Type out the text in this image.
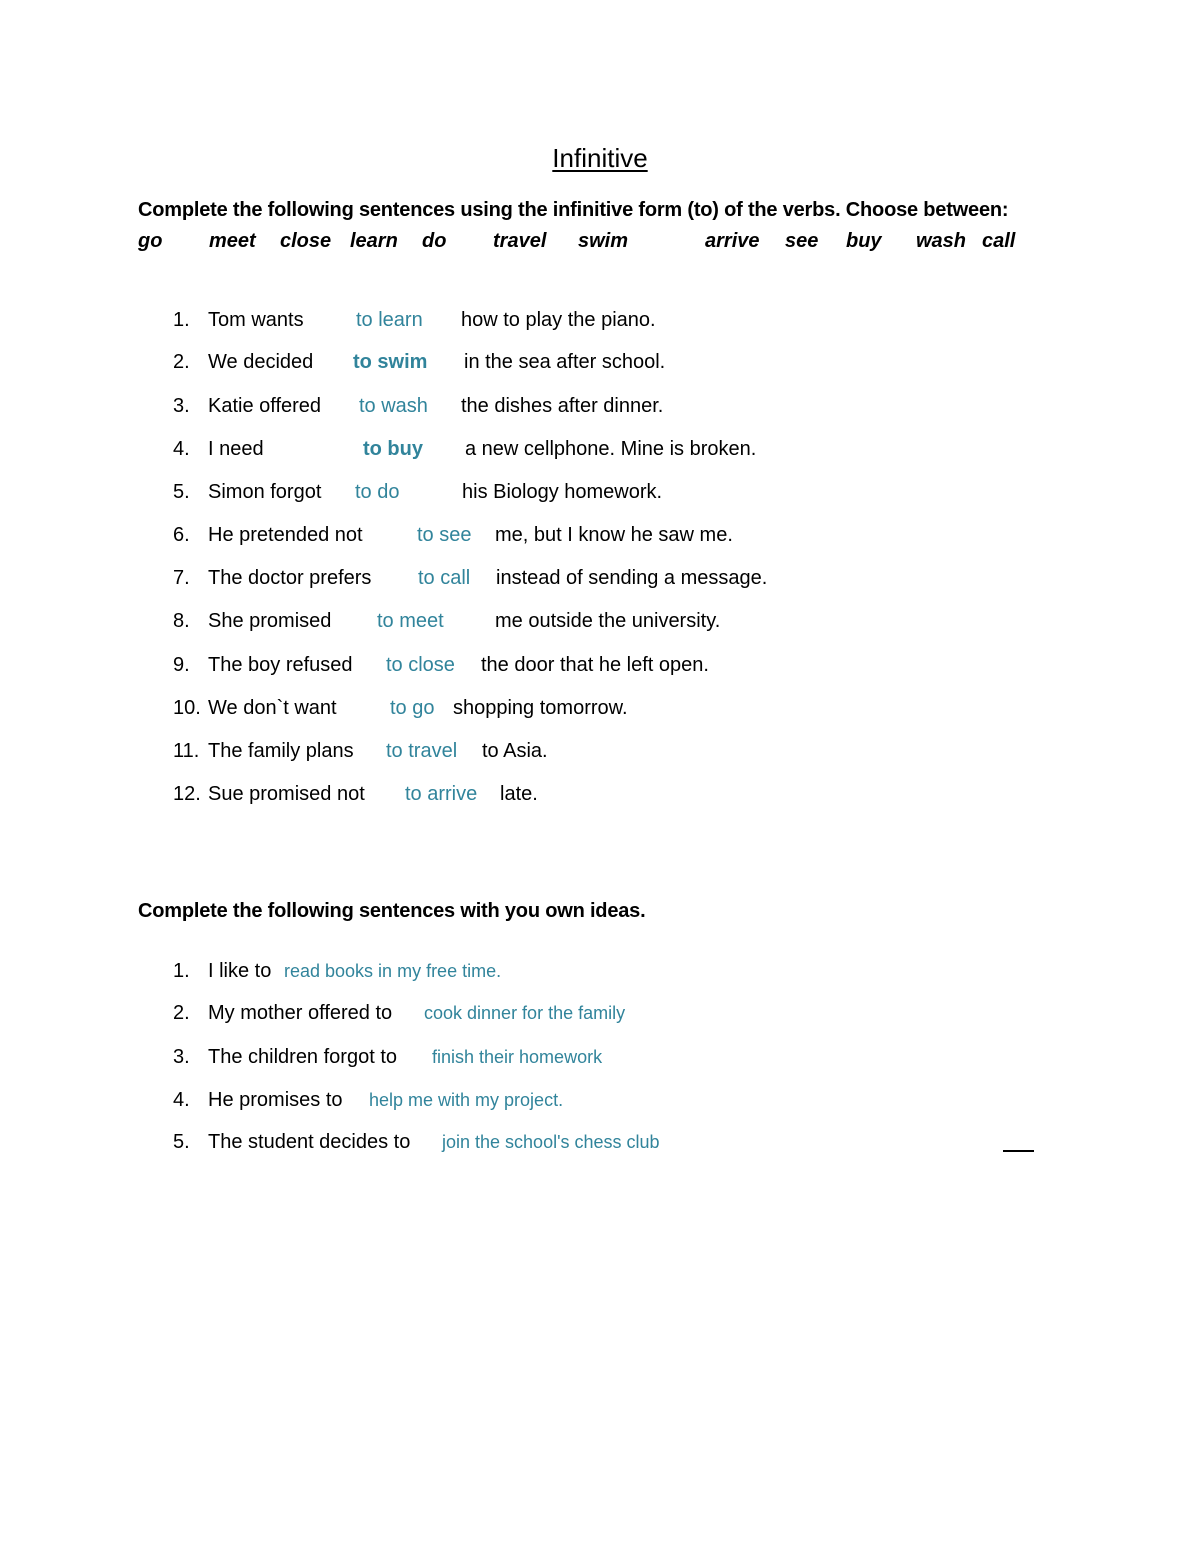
Infinitive
Complete the following sentences using the infinitive form (to) of the verbs. Choose between:
go meet close learn do travel swim	arrive see buy wash call
1. Tom wants	to learn how to play the piano.
2. We decided to swim in the sea after school.
3. Katie offered to wash the dishes after dinner.
4. I need	to buy a new cellphone. Mine is broken.
5. Simon forgot to do	his Biology homework.
6. He pretended not	to see me, but I know he saw me.
7. The doctor prefers to call instead of sending a message.
8. She promised to meet	me outside the university.
9. The boy refused to close the door that he left open.
10. We don`t want	to go shopping tomorrow.
11. The family plans to travel to Asia.
12. Sue promised not to arrive late.
Complete the following sentences with you own ideas.
1. I like to read books in my free time.
2. My mother offered to cook dinner for the family
3. The children forgot to finish their homework
4. He promises to help me with my project.
5. The student decides to join the school's chess club
